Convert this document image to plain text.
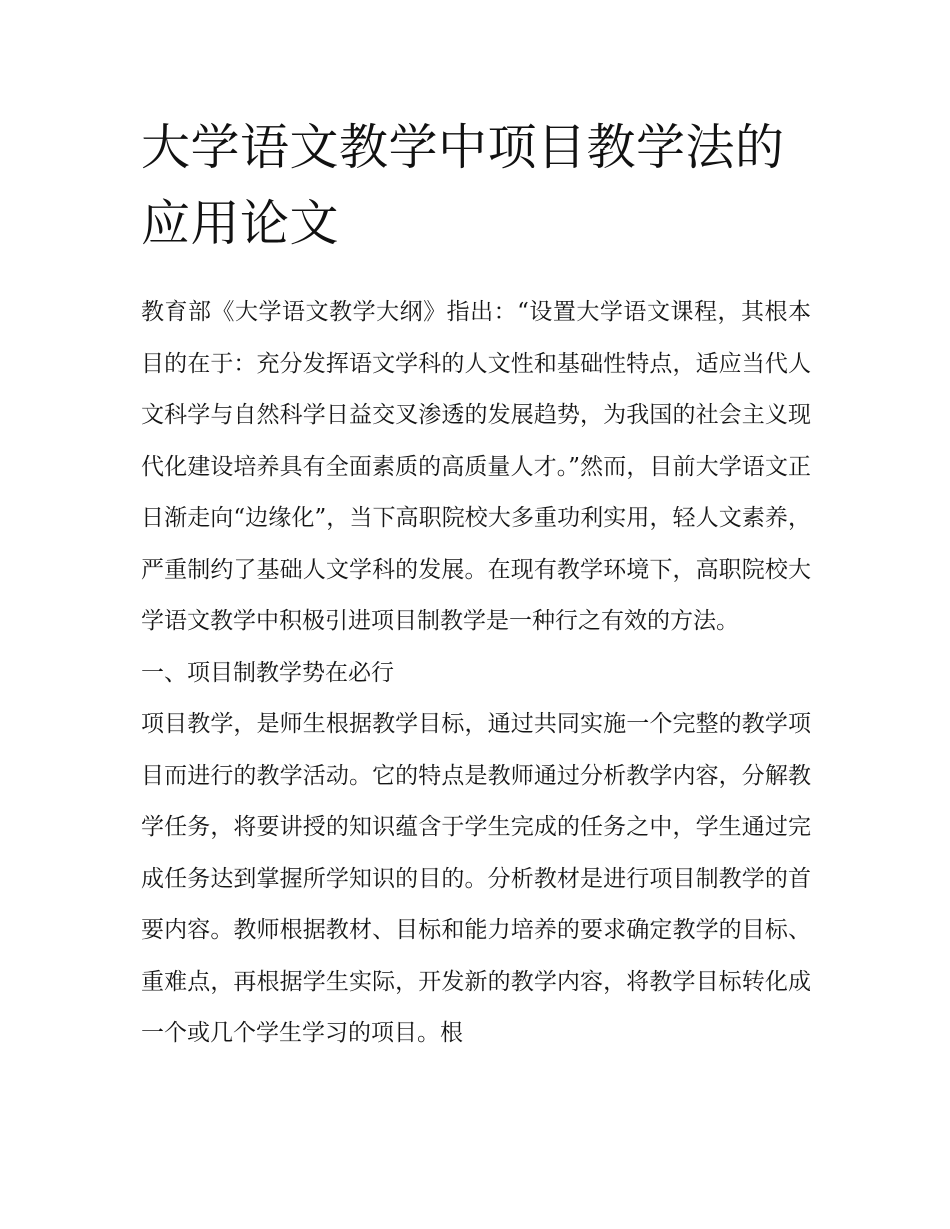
大学语文教学中项目教学法的应用论文

教育部《大学语文教学大纲》指出：“设置大学语文课程，其根本目的在于：充分发挥语文学科的人文性和基础性特点，适应当代人文科学与自然科学日益交叉渗透的发展趋势，为我国的社会主义现代化建设培养具有全面素质的高质量人才。”然而，目前大学语文正日渐走向“边缘化”，当下高职院校大多重功利实用，轻人文素养，严重制约了基础人文学科的发展。在现有教学环境下，高职院校大学语文教学中积极引进项目制教学是一种行之有效的方法。

一、项目制教学势在必行

项目教学，是师生根据教学目标，通过共同实施一个完整的教学项目而进行的教学活动。它的特点是教师通过分析教学内容，分解教学任务，将要讲授的知识蕴含于学生完成的任务之中，学生通过完成任务达到掌握所学知识的目的。分析教材是进行项目制教学的首要内容。教师根据教材、目标和能力培养的要求确定教学的目标、重难点，再根据学生实际，开发新的教学内容，将教学目标转化成一个或几个学生学习的项目。根
